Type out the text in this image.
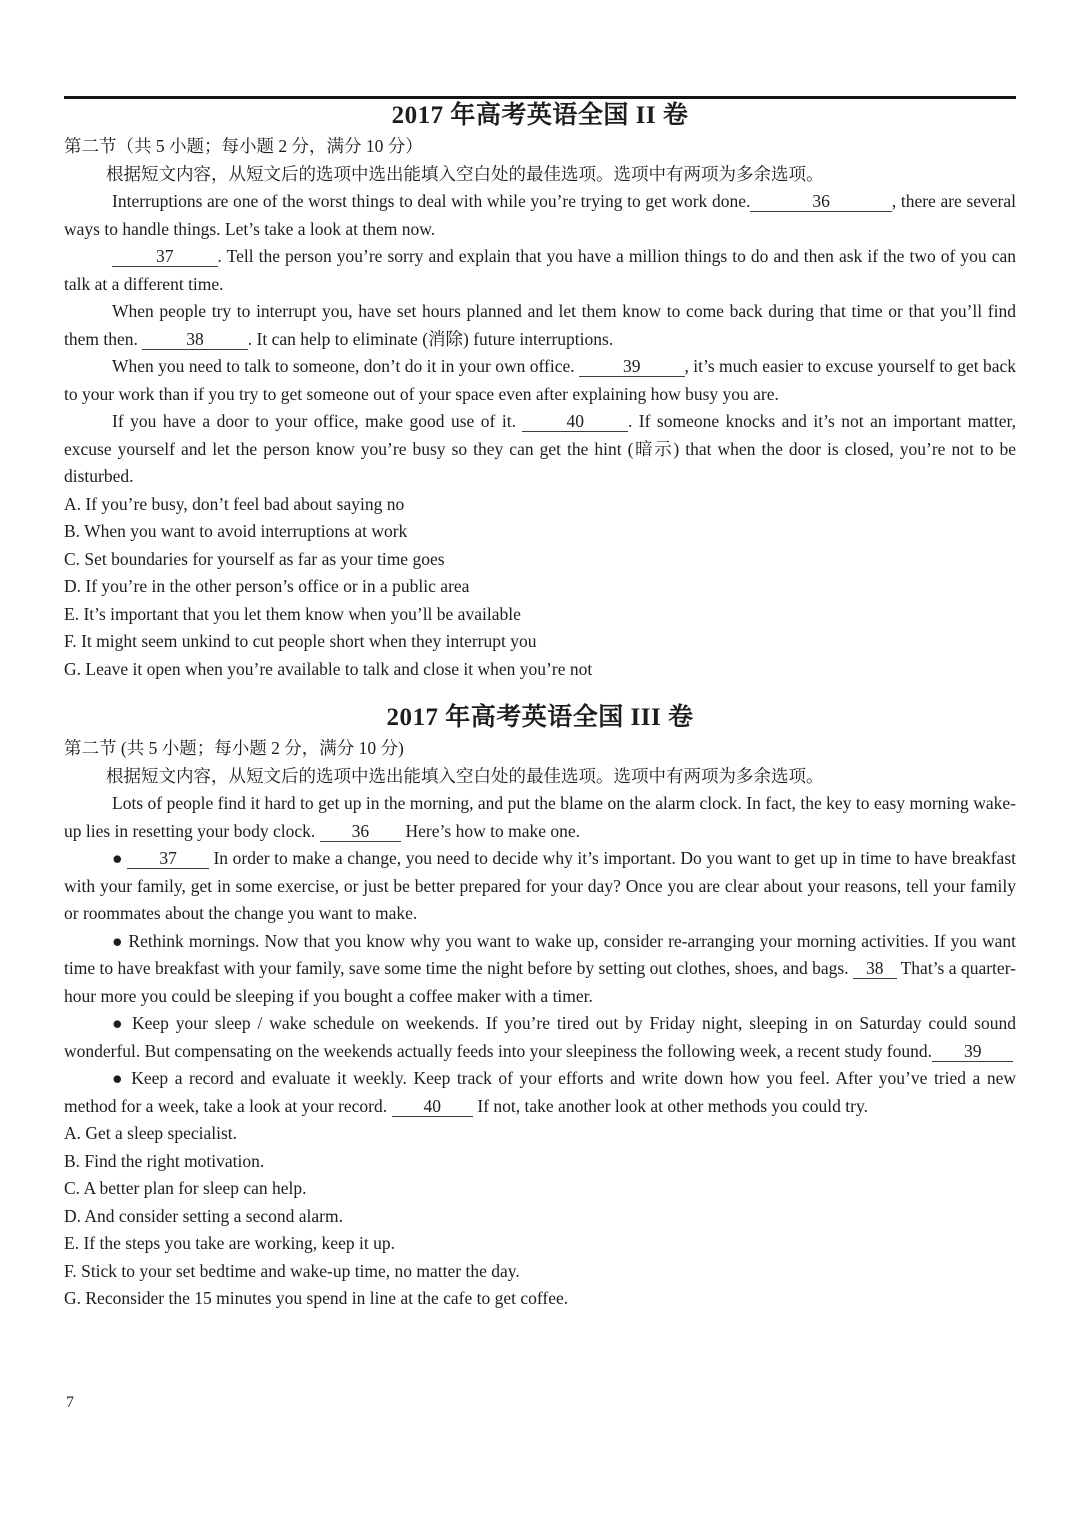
2017 年高考英语全国 II 卷
第二节（共 5 小题；每小题 2 分，满分 10 分）
根据短文内容，从短文后的选项中选出能填入空白处的最佳选项。选项中有两项为多余选项。

Interruptions are one of the worst things to deal with while you’re trying to get work done.	36	, there are several ways to handle things. Let’s take a look at them now.

37	. Tell the person you’re sorry and explain that you have a million things to do and then ask if the two of you can talk at a different time.

When people try to interrupt you, have set hours planned and let them know to come back during that time or that you’ll find them then.	38	. It can help to eliminate (消除) future interruptions.

When you need to talk to someone, don’t do it in your own office.	39	, it’s much easier to excuse yourself to get back to your work than if you try to get someone out of your space even after explaining how busy you are.

If you have a door to your office, make good use of it.	40	. If someone knocks and it’s not an important matter, excuse yourself and let the person know you’re busy so they can get the hint (暗示) that when the door is closed, you’re not to be disturbed.

A. If you’re busy, don’t feel bad about saying no
B. When you want to avoid interruptions at work
C. Set boundaries for yourself as far as your time goes
D. If you’re in the other person’s office or in a public area
E. It’s important that you let them know when you’ll be available
F. It might seem unkind to cut people short when they interrupt you
G. Leave it open when you’re available to talk and close it when you’re not
2017 年高考英语全国 III 卷
第二节 (共 5 小题；每小题 2 分，满分 10 分)
根据短文内容，从短文后的选项中选出能填入空白处的最佳选项。选项中有两项为多余选项。

Lots of people find it hard to get up in the morning, and put the blame on the alarm clock. In fact, the key to easy morning wake-up lies in resetting your body clock. 36 Here’s how to make one.

● 37 In order to make a change, you need to decide why it’s important. Do you want to get up in time to have breakfast with your family, get in some exercise, or just be better prepared for your day? Once you are clear about your reasons, tell your family or roommates about the change you want to make.

● Rethink mornings. Now that you know why you want to wake up, consider re-arranging your morning activities. If you want time to have breakfast with your family, save some time the night before by setting out clothes, shoes, and bags. 38 That’s a quarter-hour more you could be sleeping if you bought a coffee maker with a timer.

● Keep your sleep / wake schedule on weekends. If you’re tired out by Friday night, sleeping in on Saturday could sound wonderful. But compensating on the weekends actually feeds into your sleepiness the following week, a recent study found. 39

● Keep a record and evaluate it weekly. Keep track of your efforts and write down how you feel. After you’ve tried a new method for a week, take a look at your record. 40 If not, take another look at other methods you could try.

A. Get a sleep specialist.
B. Find the right motivation.
C. A better plan for sleep can help.
D. And consider setting a second alarm.
E. If the steps you take are working, keep it up.
F. Stick to your set bedtime and wake-up time, no matter the day.
G. Reconsider the 15 minutes you spend in line at the cafe to get coffee.
7
